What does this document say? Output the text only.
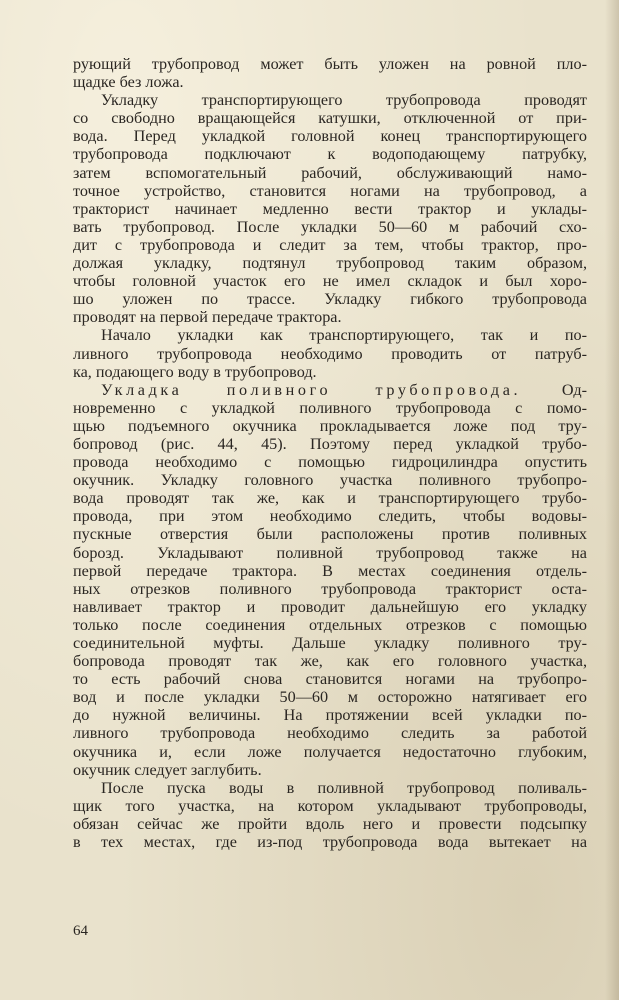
рующий трубопровод может быть уложен на ровной пло-
щадке без ложа.
Укладку транспортирующего трубопровода проводят
со свободно вращающейся катушки, отключенной от при-
вода. Перед укладкой головной конец транспортирующего
трубопровода подключают к водоподающему патрубку,
затем вспомогательный рабочий, обслуживающий намо-
точное устройство, становится ногами на трубопровод, а
тракторист начинает медленно вести трактор и уклады-
вать трубопровод. После укладки 50—60 м рабочий схо-
дит с трубопровода и следит за тем, чтобы трактор, про-
должая укладку, подтянул трубопровод таким образом,
чтобы головной участок его не имел складок и был хоро-
шо уложен по трассе. Укладку гибкого трубопровода
проводят на первой передаче трактора.
Начало укладки как транспортирующего, так и по-
ливного трубопровода необходимо проводить от патруб-
ка, подающего воду в трубопровод.
Укладка поливного трубопровода. Од-
новременно с укладкой поливного трубопровода с помо-
щью подъемного окучника прокладывается ложе под тру-
бопровод (рис. 44, 45). Поэтому перед укладкой трубо-
провода необходимо с помощью гидроцилиндра опустить
окучник. Укладку головного участка поливного трубопро-
вода проводят так же, как и транспортирующего трубо-
провода, при этом необходимо следить, чтобы водовы-
пускные отверстия были расположены против поливных
борозд. Укладывают поливной трубопровод также на
первой передаче трактора. В местах соединения отдель-
ных отрезков поливного трубопровода тракторист оста-
навливает трактор и проводит дальнейшую его укладку
только после соединения отдельных отрезков с помощью
соединительной муфты. Дальше укладку поливного тру-
бопровода проводят так же, как его головного участка,
то есть рабочий снова становится ногами на трубопро-
вод и после укладки 50—60 м осторожно натягивает его
до нужной величины. На протяжении всей укладки по-
ливного трубопровода необходимо следить за работой
окучника и, если ложе получается недостаточно глубоким,
окучник следует заглубить.
После пуска воды в поливной трубопровод поливаль-
щик того участка, на котором укладывают трубопроводы,
обязан сейчас же пройти вдоль него и провести подсыпку
в тех местах, где из-под трубопровода вода вытекает на
64
